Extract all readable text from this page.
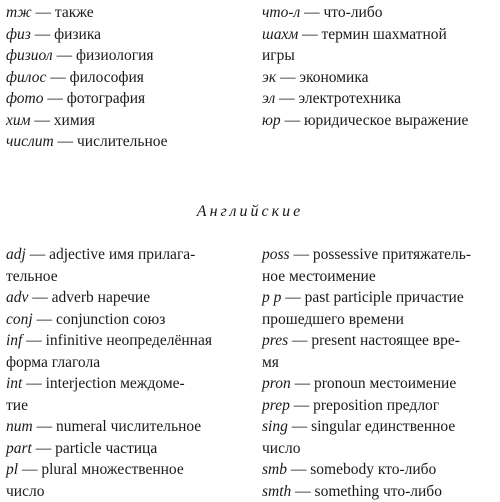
тж — также
физ — физика
физиол — физиология
филос — философия
фото — фотография
хим — химия
числит — числительное
что-л — что-либо
шахм — термин шахматной
игры
эк — экономика
эл — электротехника
юр — юридическое выражение
Английские
adj — adjective имя прилага-
тельное
adv — adverb наречие
conj — conjunction союз
inf — infinitive неопределённая
форма глагола
int — interjection междоме-
тие
num — numeral числительное
part — particle частица
pl — plural множественное
число
poss — possessive притяжатель-
ное местоимение
p p — past participle причастие
прошедшего времени
pres — present настоящее вре-
мя
pron — pronoun местоимение
prep — preposition предлог
sing — singular единственное
число
smb — somebody кто-либо
smth — something что-либо
